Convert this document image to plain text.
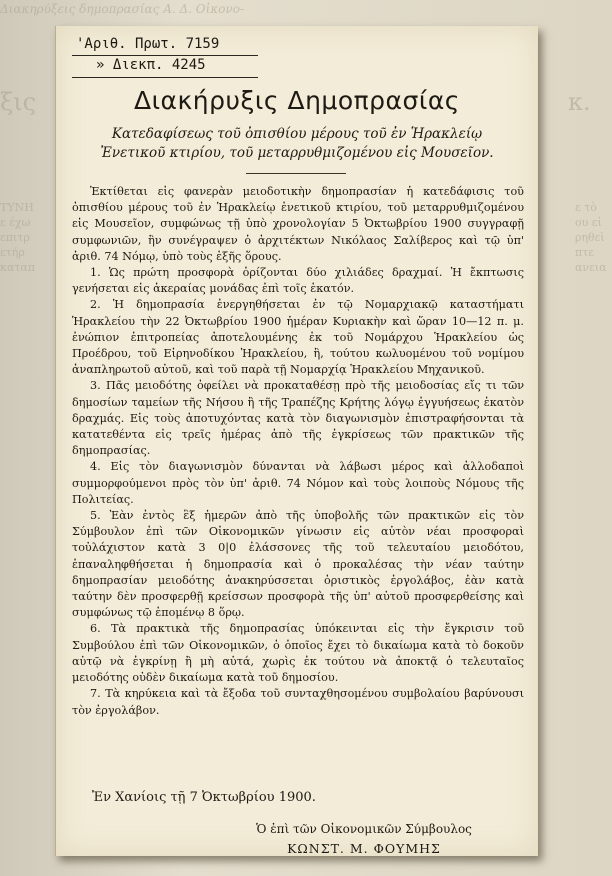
Διακηρύξεις δημοπρασίας Α. Δ. Οἰκονο-
ξις	κ.
ΤΥΝΗ
ε έχω
επιτρ
ετήρ
καταπ
ε τὸ
ου εἰ
ρηθεὶ
πτε
ανεια
'Αριθ. Πρωτ. 7159
» Διεκπ. 4245
Διακήρυξις Δημοπρασίας
Κατεδαφίσεως τοῦ ὀπισθίου μέρους τοῦ ἐν Ἡρακλείῳ
Ἐνετικοῦ κτιρίου, τοῦ μεταρρυθμιζομένου εἰς Μουσεῖον.

Ἐκτίθεται εἰς φανερὰν μειοδοτικὴν δημοπρασίαν ἡ κατεδάφισις τοῦ ὀπισθίου μέρους τοῦ ἐν Ἡρακλείῳ ἐνετικοῦ κτιρίου, τοῦ μεταρρυθμιζομένου εἰς Μουσεῖον, συμφώνως τῇ ὑπὸ χρονολογίαν 5 Ὀκτωβρίου 1900 συγγραφῇ συμφωνιῶν, ἣν συνέγραψεν ὁ ἀρχιτέκτων Νικόλαος Σαλίβερος καὶ τῷ ὑπ' ἀριθ. 74 Νόμῳ, ὑπὸ τοὺς ἑξῆς ὅρους.

1. Ὡς πρώτη προσφορὰ ὁρίζονται δύο χιλιάδες δραχμαί. Ἡ ἔκπτωσις γενήσεται εἰς ἀκεραίας μονάδας ἐπὶ τοῖς ἑκατόν.

2. Ἡ δημοπρασία ἐνεργηθήσεται ἐν τῷ Νομαρχιακῷ καταστήματι Ἡρακλείου τὴν 22 Ὀκτωβρίου 1900 ἡμέραν Κυριακὴν καὶ ὥραν 10—12 π. μ. ἐνώπιον ἐπιτροπείας ἀποτελουμένης ἐκ τοῦ Νομάρχου Ἡρακλείου ὡς Προέδρου, τοῦ Εἰρηνοδίκου Ἡρακλείου, ἢ, τούτου κωλυομένου τοῦ νομίμου ἀναπληρωτοῦ αὐτοῦ, καὶ τοῦ παρὰ τῇ Νομαρχίᾳ Ἡρακλείου Μηχανικοῦ.

3. Πᾶς μειοδότης ὀφείλει νὰ προκαταθέσῃ πρὸ τῆς μειοδοσίας εἴς τι τῶν δημοσίων ταμείων τῆς Νήσου ἢ τῆς Τραπέζης Κρήτης λόγῳ ἐγγυήσεως ἑκατὸν δραχμάς. Εἰς τοὺς ἀποτυχόντας κατὰ τὸν διαγωνισμὸν ἐπιστραφήσονται τὰ κατατεθέντα εἰς τρεῖς ἡμέρας ἀπὸ τῆς ἐγκρίσεως τῶν πρακτικῶν τῆς δημοπρασίας.

4. Εἰς τὸν διαγωνισμὸν δύνανται νὰ λάβωσι μέρος καὶ ἀλλοδαποὶ συμμορφούμενοι πρὸς τὸν ὑπ' ἀριθ. 74 Νόμον καὶ τοὺς λοιποὺς Νόμους τῆς Πολιτείας.

5. Ἐὰν ἐντὸς ἓξ ἡμερῶν ἀπὸ τῆς ὑποβολῆς τῶν πρακτικῶν εἰς τὸν Σύμβουλον ἐπὶ τῶν Οἰκονομικῶν γίνωσιν εἰς αὐτὸν νέαι προσφοραὶ τοὐλάχιστον κατὰ 3 0|0 ἐλάσσονες τῆς τοῦ τελευταίου μειοδότου, ἐπαναληφθήσεται ἡ δημοπρασία καὶ ὁ προκαλέσας τὴν νέαν ταύτην δημοπρασίαν μειοδότης ἀνακηρύσσεται ὁριστικὸς ἐργολάβος, ἐὰν κατὰ ταύτην δὲν προσφερθῇ κρείσσων προσφορὰ τῆς ὑπ' αὐτοῦ προσφερθείσης καὶ συμφώνως τῷ ἑπομένῳ 8 ὅρῳ.

6. Τὰ πρακτικὰ τῆς δημοπρασίας ὑπόκεινται εἰς τὴν ἔγκρισιν τοῦ Συμβούλου ἐπὶ τῶν Οἰκονομικῶν, ὁ ὁποῖος ἔχει τὸ δικαίωμα κατὰ τὸ δοκοῦν αὐτῷ νὰ ἐγκρίνῃ ἢ μὴ αὐτά, χωρὶς ἐκ τούτου νὰ ἀποκτᾷ ὁ τελευταῖος μειοδότης οὐδὲν δικαίωμα κατὰ τοῦ δημοσίου.

7. Τὰ κηρύκεια καὶ τὰ ἔξοδα τοῦ συνταχθησομένου συμβολαίου βαρύνουσι τὸν ἐργολάβον.

Ἐν Χανίοις τῇ 7 Ὀκτωβρίου 1900.
Ὁ ἐπὶ τῶν Οἰκονομικῶν Σύμβουλος
ΚΩΝΣΤ. Μ. ΦΟΥΜΗΣ
